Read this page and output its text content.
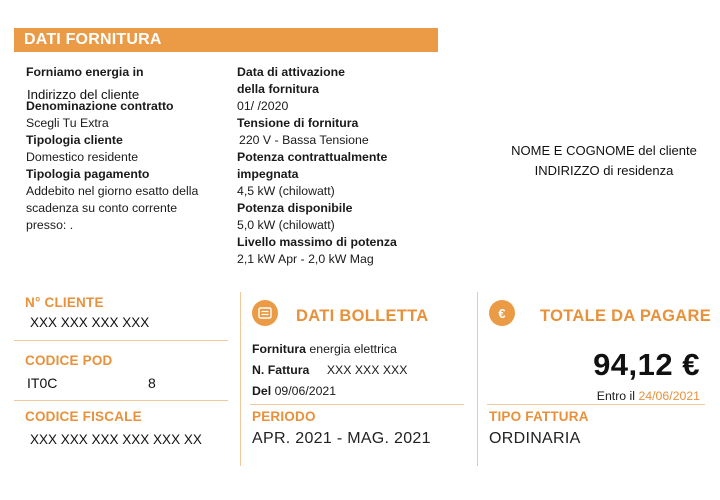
DATI FORNITURA
Forniamo energia in
Denominazione contratto
Scegli Tu Extra
Tipologia cliente
Domestico residente
Tipologia pagamento
Addebito nel giorno esatto della
scadenza su conto corrente
presso: .
Indirizzo del cliente
Data di attivazione
della fornitura
01/ /2020
Tensione di fornitura
220 V - Bassa Tensione
Potenza contrattualmente
impegnata
4,5 kW (chilowatt)
Potenza disponibile
5,0 kW (chilowatt)
Livello massimo di potenza
2,1 kW Apr - 2,0 kW Mag
NOME E COGNOME del cliente
INDIRIZZO di residenza
N° CLIENTE
XXX XXX XXX XXX
CODICE POD
IT0C	8
CODICE FISCALE
XXX XXX XXX XXX XXX XX
DATI BOLLETTA
Fornitura energia elettrica
N. Fattura XXX XXX XXX
Del 09/06/2021
PERIODO
APR. 2021 - MAG. 2021
€	TOTALE DA PAGARE
94,12 €
Entro il 24/06/2021
TIPO FATTURA
ORDINARIA
